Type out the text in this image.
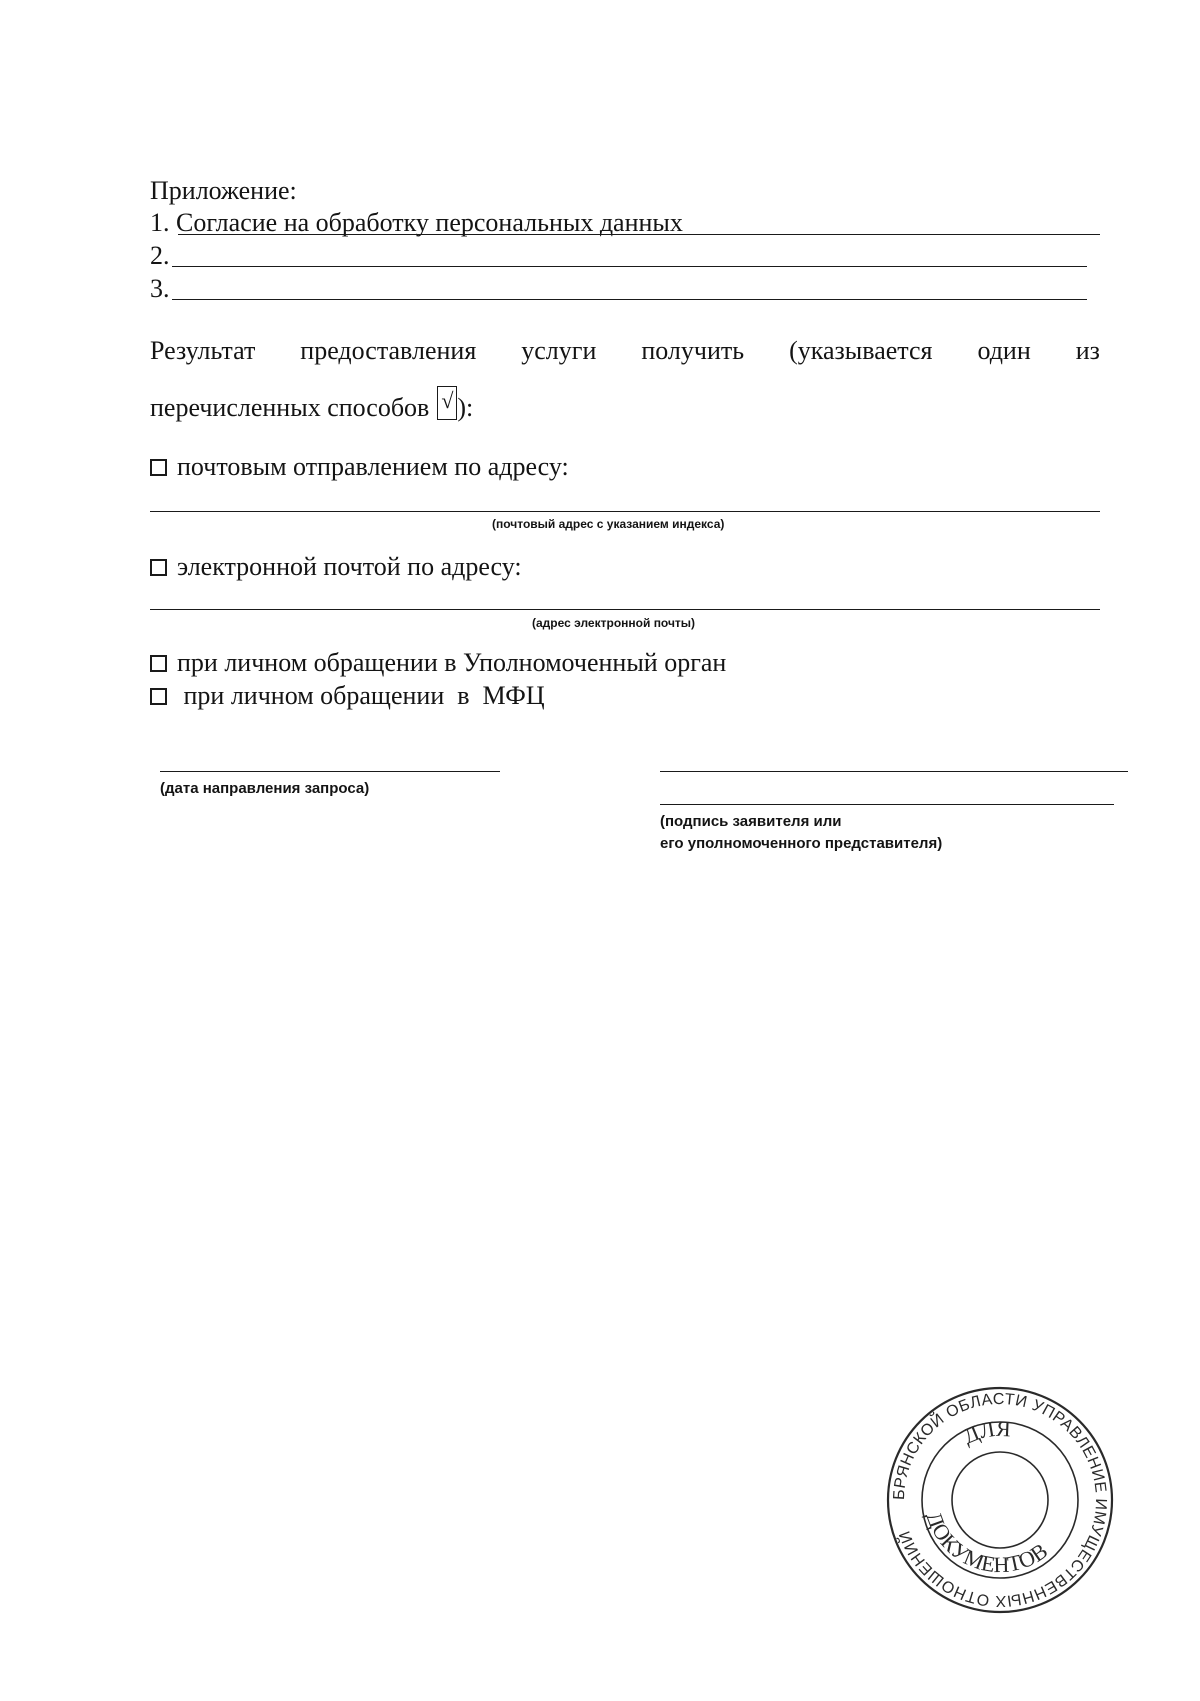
Приложение:
1. Согласие на обработку персональных данных
2.
3.
Результат предоставления услуги получить (указывается один из
перечисленных способов √ ):
почтовым отправлением по адресу:
(почтовый адрес с указанием индекса)
электронной почтой по адресу:
(адрес электронной почты)
при личном обращении в Уполномоченный орган
при личном обращении  в  МФЦ
(дата направления запроса)
(подпись заявителя или
его уполномоченного представителя)
БРЯНСКОЙ ОБЛАСТИ УПРАВЛЕНИЕ ИМУЩЕСТВЕННЫХ ОТНОШЕНИЙ
ДЛЯ
ДОКУМЕНТОВ
